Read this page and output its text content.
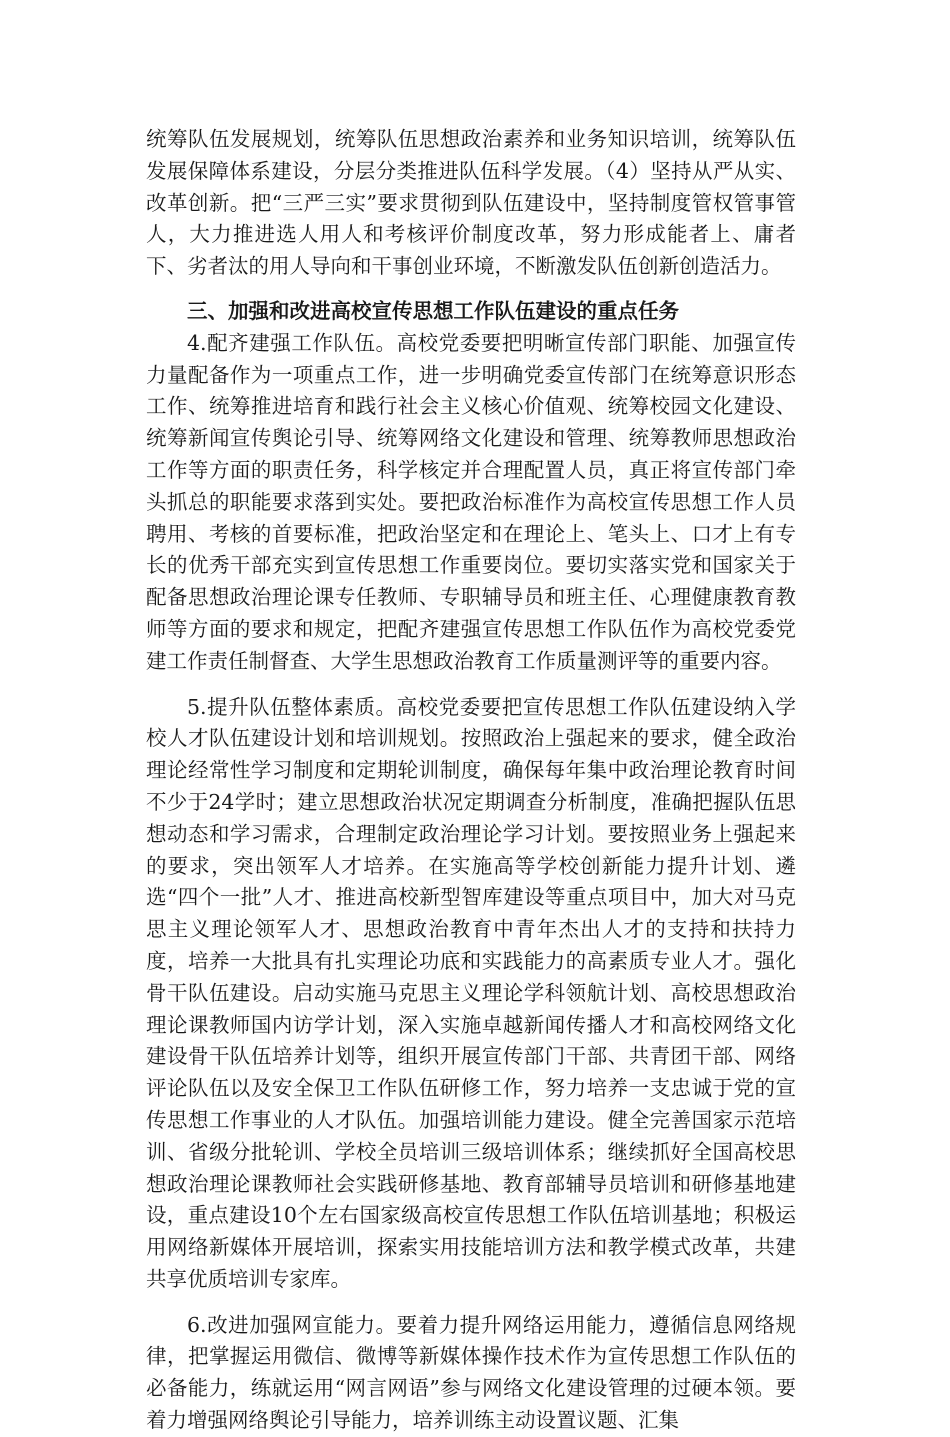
统筹队伍发展规划，统筹队伍思想政治素养和业务知识培训，统筹队伍发展保障体系建设，分层分类推进队伍科学发展。（4）坚持从严从实、改革创新。把“三严三实”要求贯彻到队伍建设中，坚持制度管权管事管人，大力推进选人用人和考核评价制度改革，努力形成能者上、庸者下、劣者汰的用人导向和干事创业环境，不断激发队伍创新创造活力。

三、加强和改进高校宣传思想工作队伍建设的重点任务

4.配齐建强工作队伍。高校党委要把明晰宣传部门职能、加强宣传力量配备作为一项重点工作，进一步明确党委宣传部门在统筹意识形态工作、统筹推进培育和践行社会主义核心价值观、统筹校园文化建设、统筹新闻宣传舆论引导、统筹网络文化建设和管理、统筹教师思想政治工作等方面的职责任务，科学核定并合理配置人员，真正将宣传部门牵头抓总的职能要求落到实处。要把政治标准作为高校宣传思想工作人员聘用、考核的首要标准，把政治坚定和在理论上、笔头上、口才上有专长的优秀干部充实到宣传思想工作重要岗位。要切实落实党和国家关于配备思想政治理论课专任教师、专职辅导员和班主任、心理健康教育教师等方面的要求和规定，把配齐建强宣传思想工作队伍作为高校党委党建工作责任制督查、大学生思想政治教育工作质量测评等的重要内容。

5.提升队伍整体素质。高校党委要把宣传思想工作队伍建设纳入学校人才队伍建设计划和培训规划。按照政治上强起来的要求，健全政治理论经常性学习制度和定期轮训制度，确保每年集中政治理论教育时间不少于24学时；建立思想政治状况定期调查分析制度，准确把握队伍思想动态和学习需求，合理制定政治理论学习计划。要按照业务上强起来的要求，突出领军人才培养。在实施高等学校创新能力提升计划、遴选“四个一批”人才、推进高校新型智库建设等重点项目中，加大对马克思主义理论领军人才、思想政治教育中青年杰出人才的支持和扶持力度，培养一大批具有扎实理论功底和实践能力的高素质专业人才。强化骨干队伍建设。启动实施马克思主义理论学科领航计划、高校思想政治理论课教师国内访学计划，深入实施卓越新闻传播人才和高校网络文化建设骨干队伍培养计划等，组织开展宣传部门干部、共青团干部、网络评论队伍以及安全保卫工作队伍研修工作，努力培养一支忠诚于党的宣传思想工作事业的人才队伍。加强培训能力建设。健全完善国家示范培训、省级分批轮训、学校全员培训三级培训体系；继续抓好全国高校思想政治理论课教师社会实践研修基地、教育部辅导员培训和研修基地建设，重点建设10个左右国家级高校宣传思想工作队伍培训基地；积极运用网络新媒体开展培训，探索实用技能培训方法和教学模式改革，共建共享优质培训专家库。

6.改进加强网宣能力。要着力提升网络运用能力，遵循信息网络规律，把掌握运用微信、微博等新媒体操作技术作为宣传思想工作队伍的必备能力，练就运用“网言网语”参与网络文化建设管理的过硬本领。要着力增强网络舆论引导能力，培养训练主动设置议题、汇集
